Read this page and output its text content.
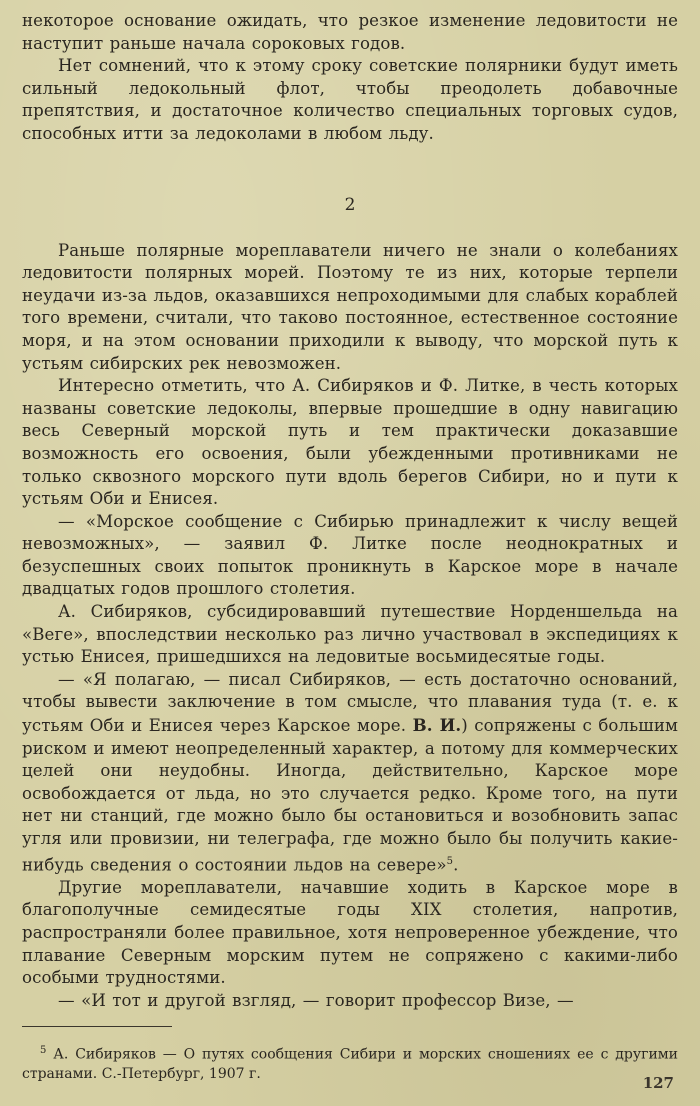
некоторое основание ожидать, что резкое изменение ледовитости не наступит раньше начала сороковых годов.

Нет сомнений, что к этому сроку советские полярники будут иметь сильный ледокольный флот, чтобы преодолеть добавочные препятствия, и достаточное количество специальных торговых судов, способных итти за ледоколами в любом льду.

2

Раньше полярные мореплаватели ничего не знали о колебаниях ледовитости полярных морей. Поэтому те из них, которые терпели неудачи из-за льдов, оказавшихся непроходимыми для слабых кораблей того времени, считали, что таково постоянное, естественное состояние моря, и на этом основании приходили к выводу, что морской путь к устьям сибирских рек невозможен.

Интересно отметить, что А. Сибиряков и Ф. Литке, в честь которых названы советские ледоколы, впервые прошедшие в одну навигацию весь Северный морской путь и тем практически доказавшие возможность его освоения, были убежденными противниками не только сквозного морского пути вдоль берегов Сибири, но и пути к устьям Оби и Енисея.

— «Морское сообщение с Сибирью принадлежит к числу вещей невозможных», — заявил Ф. Литке после неоднократных и безуспешных своих попыток проникнуть в Карское море в начале двадцатых годов прошлого столетия.

А. Сибиряков, субсидировавший путешествие Норденшельда на «Веге», впоследствии несколько раз лично участвовал в экспедициях к устью Енисея, пришедшихся на ледовитые восьмидесятые годы.

— «Я полагаю, — писал Сибиряков, — есть достаточно оснований, чтобы вывести заключение в том смысле, что плавания туда (т. е. к устьям Оби и Енисея через Карское море. В. И.) сопряжены с большим риском и имеют неопределенный характер, а потому для коммерческих целей они неудобны. Иногда, действительно, Карское море освобождается от льда, но это случается редко. Кроме того, на пути нет ни станций, где можно было бы остановиться и возобновить запас угля или провизии, ни телеграфа, где можно было бы получить какие-нибудь сведения о состоянии льдов на севере»$^5$.

Другие мореплаватели, начавшие ходить в Карское море в благополучные семидесятые годы XIX столетия, напротив, распространяли более правильное, хотя непроверенное убеждение, что плавание Северным морским путем не сопряжено с какими-либо особыми трудностями.

— «И тот и другой взгляд, — говорит профессор Визе, —

$^5$ А. Сибиряков — О путях сообщения Сибири и морских сношениях ее с другими странами. С.-Петербург, 1907 г.

127
